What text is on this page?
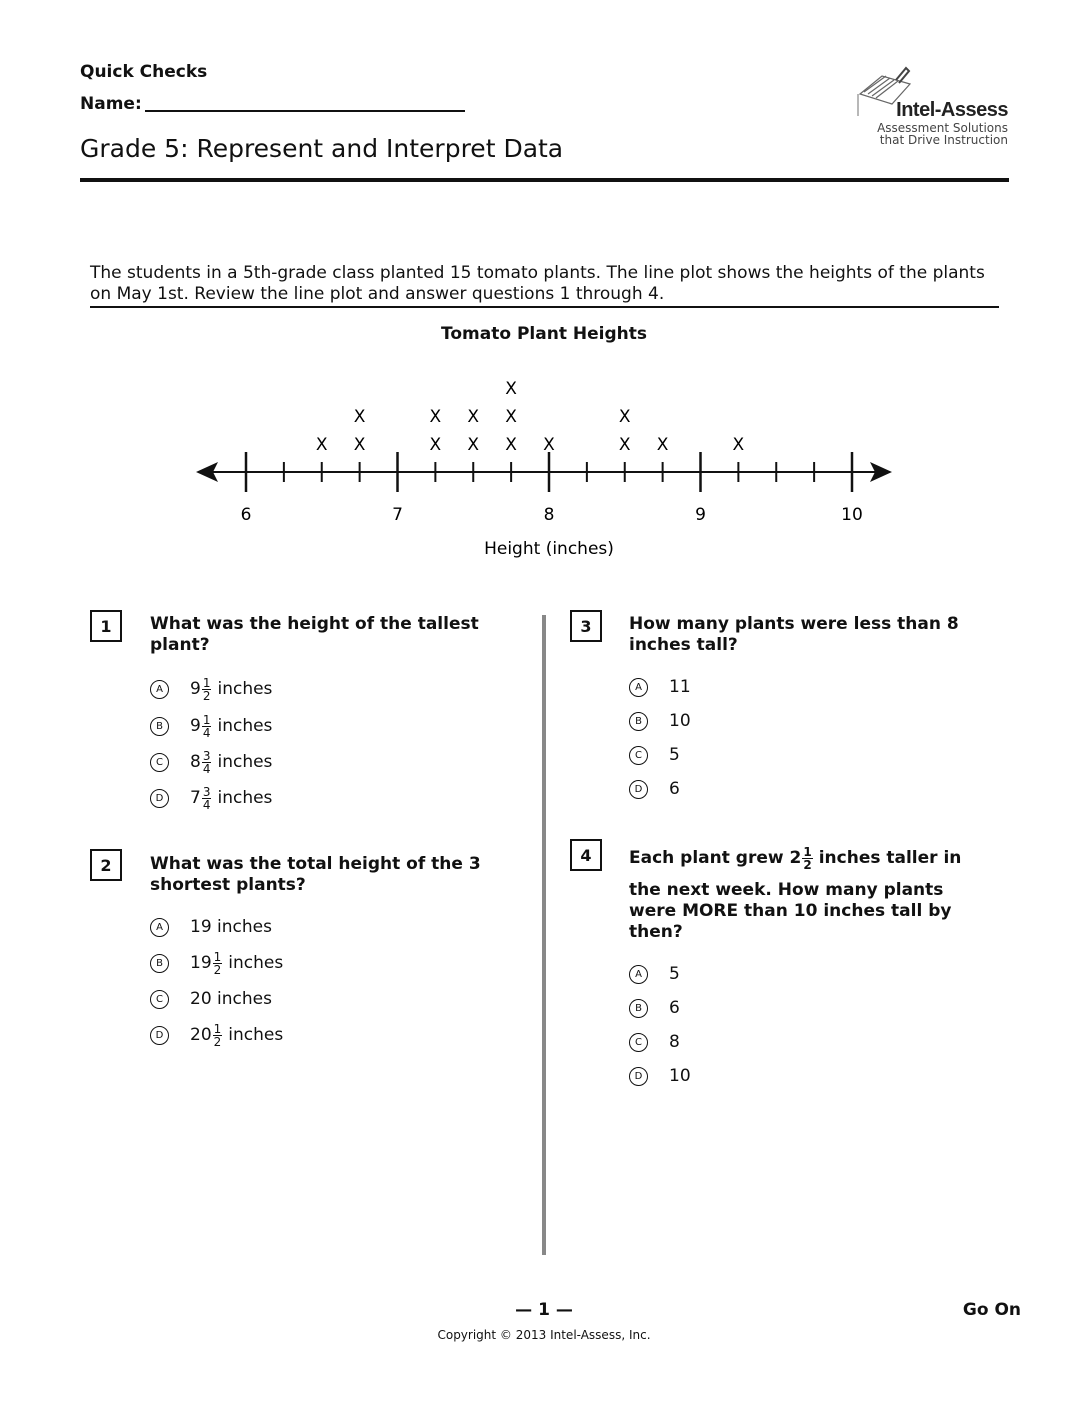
Quick Checks
Name:
Grade 5: Represent and Interpret Data
Intel-Assess
Assessment Solutions
that Drive Instruction
The students in a 5th-grade class planted 15 tomato plants. The line plot shows the heights of the plants on May 1st. Review the line plot and answer questions 1 through 4.
Tomato Plant Heights
6	7	8	9	10
X X
X
X
X
X
X
X
X
X
X	X
X
X	X
Height (inches)
1	What was the height of the tallest plant?
A	$9 \frac{1}{2}$ inches
B	$9 \frac{1}{4}$ inches
C	$8 \frac{3}{4}$ inches
D	$7 \frac{3}{4}$ inches
2	What was the total height of the 3 shortest plants?
A	19 inches
B	$19 \frac{1}{2}$ inches
C	20 inches
D	$20 \frac{1}{2}$ inches
3	How many plants were less than 8 inches tall?
A	11
B	10
C	5
D	6
4	Each plant grew $2 \frac{1}{2}$ inches taller in
the next week. How many plants were MORE than 10 inches tall by then?
A	5
B	6
C	8
D	10
— 1 —	Go On
Copyright © 2013 Intel-Assess, Inc.
